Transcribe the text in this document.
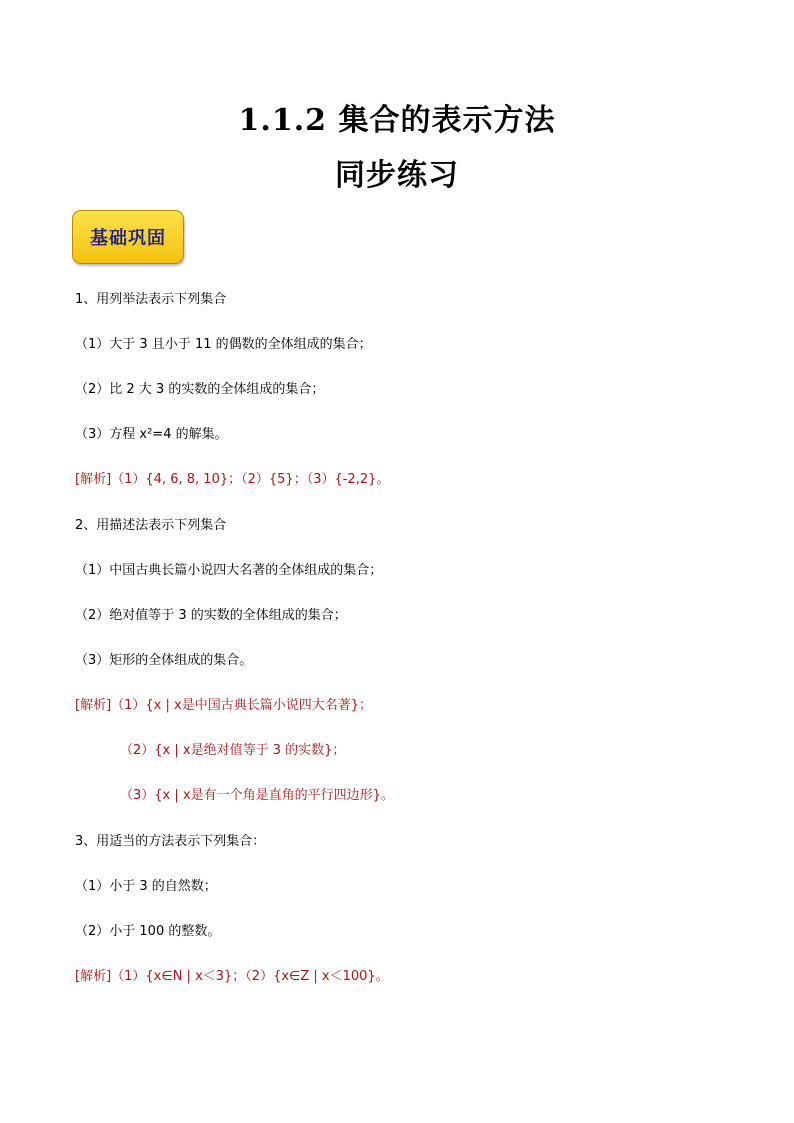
1.1.2 集合的表示方法
同步练习
基础巩固
1、用列举法表示下列集合
（1）大于 3 且小于 11 的偶数的全体组成的集合；
（2）比 2 大 3 的实数的全体组成的集合；
（3）方程 x²=4 的解集。
[解析]（1）{4, 6, 8, 10}；（2）{5}；（3）{-2,2}。
2、用描述法表示下列集合
（1）中国古典长篇小说四大名著的全体组成的集合；
（2）绝对值等于 3 的实数的全体组成的集合；
（3）矩形的全体组成的集合。
[解析]（1）{x | x是中国古典长篇小说四大名著}；
（2）{x | x是绝对值等于 3 的实数}；
（3）{x | x是有一个角是直角的平行四边形}。
3、用适当的方法表示下列集合：
（1）小于 3 的自然数；
（2）小于 100 的整数。
[解析]（1）{x∈N | x＜3}；（2）{x∈Z | x＜100}。
